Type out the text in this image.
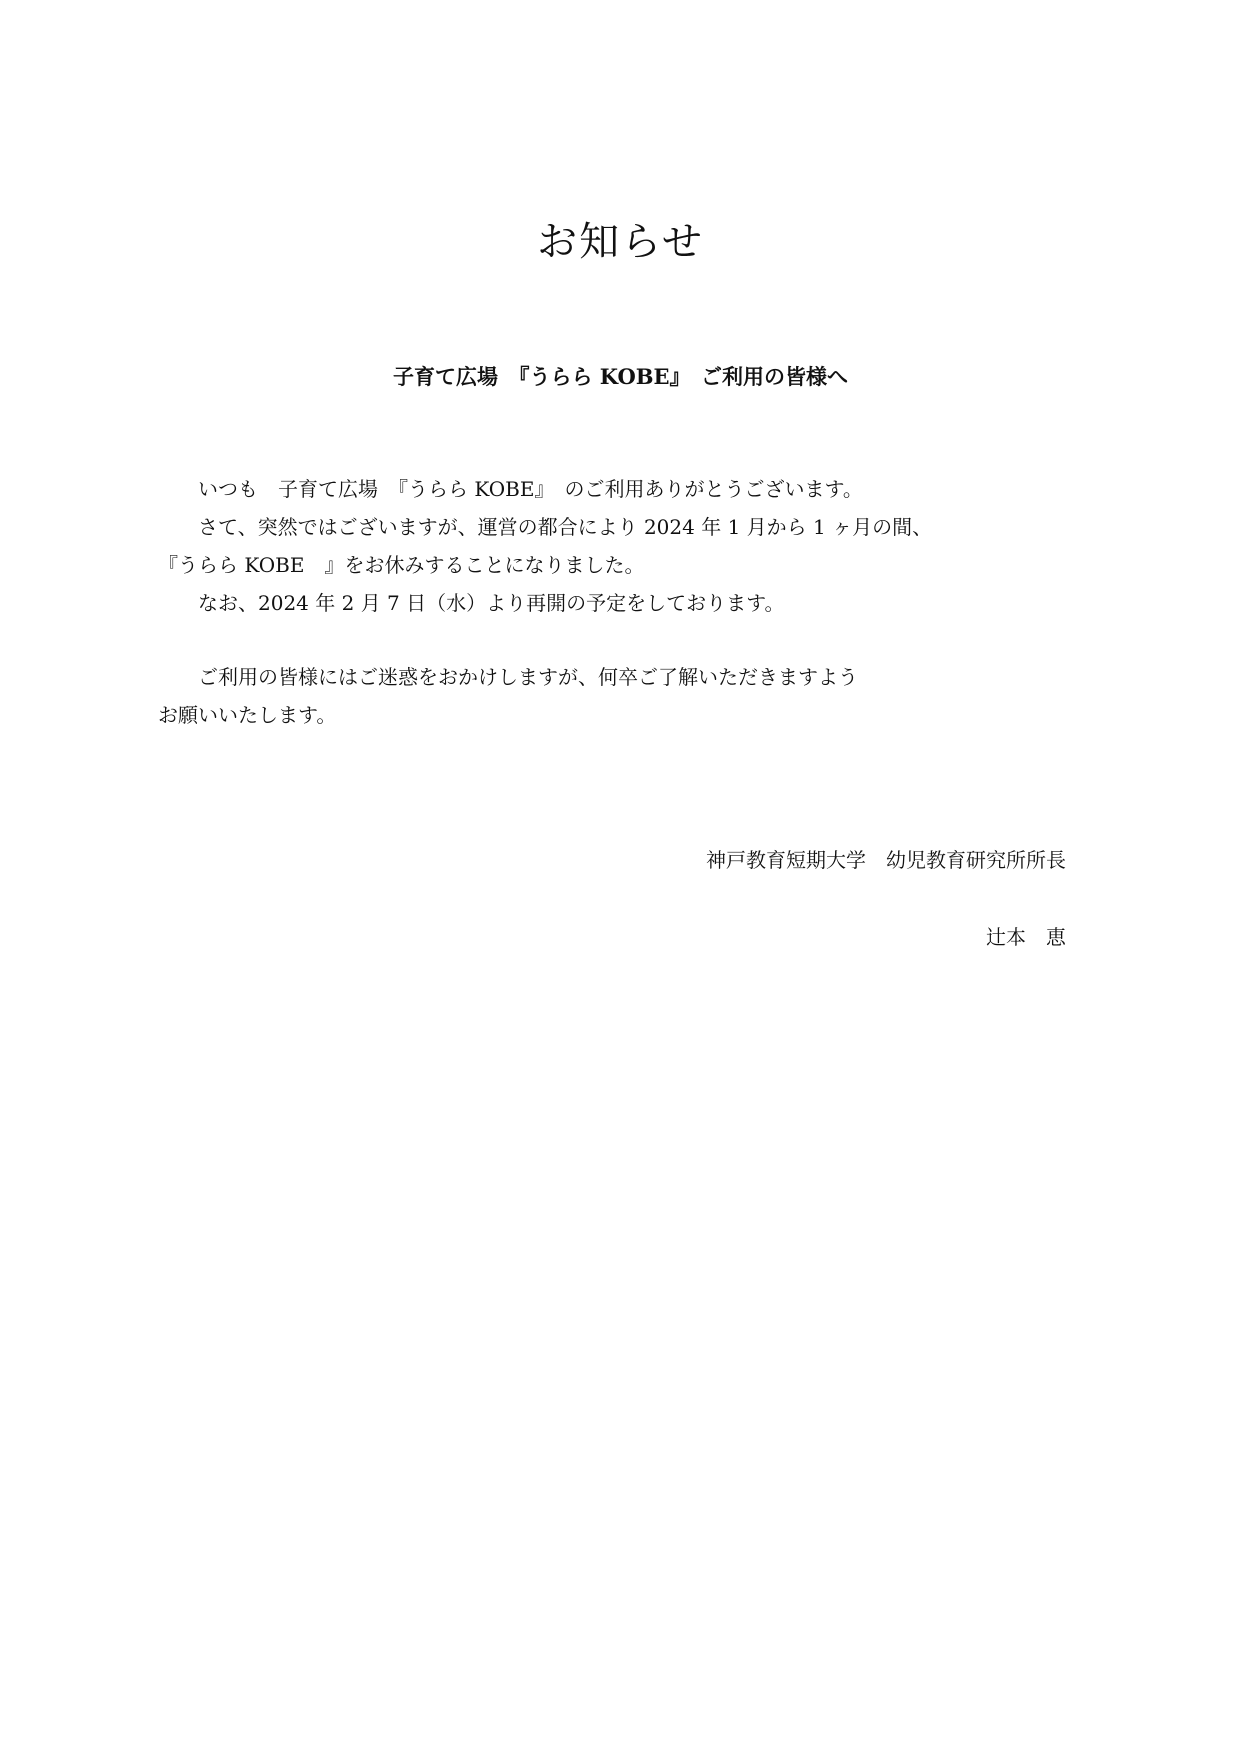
お知らせ
子育て広場　『うらら KOBE』　ご利用の皆様へ
　いつも　子育て広場　『うらら KOBE』　のご利用ありがとうございます。
　さて、突然ではございますが、運営の都合により 2024 年 1 月から 1 ヶ月の間、
『うらら KOBE　』をお休みすることになりました。
　なお、2024 年 2 月 7 日（水）より再開の予定をしております。
　ご利用の皆様にはご迷惑をおかけしますが、何卒ご了解いただきますよう
お願いいたします。
神戸教育短期大学　幼児教育研究所所長
辻本　恵
